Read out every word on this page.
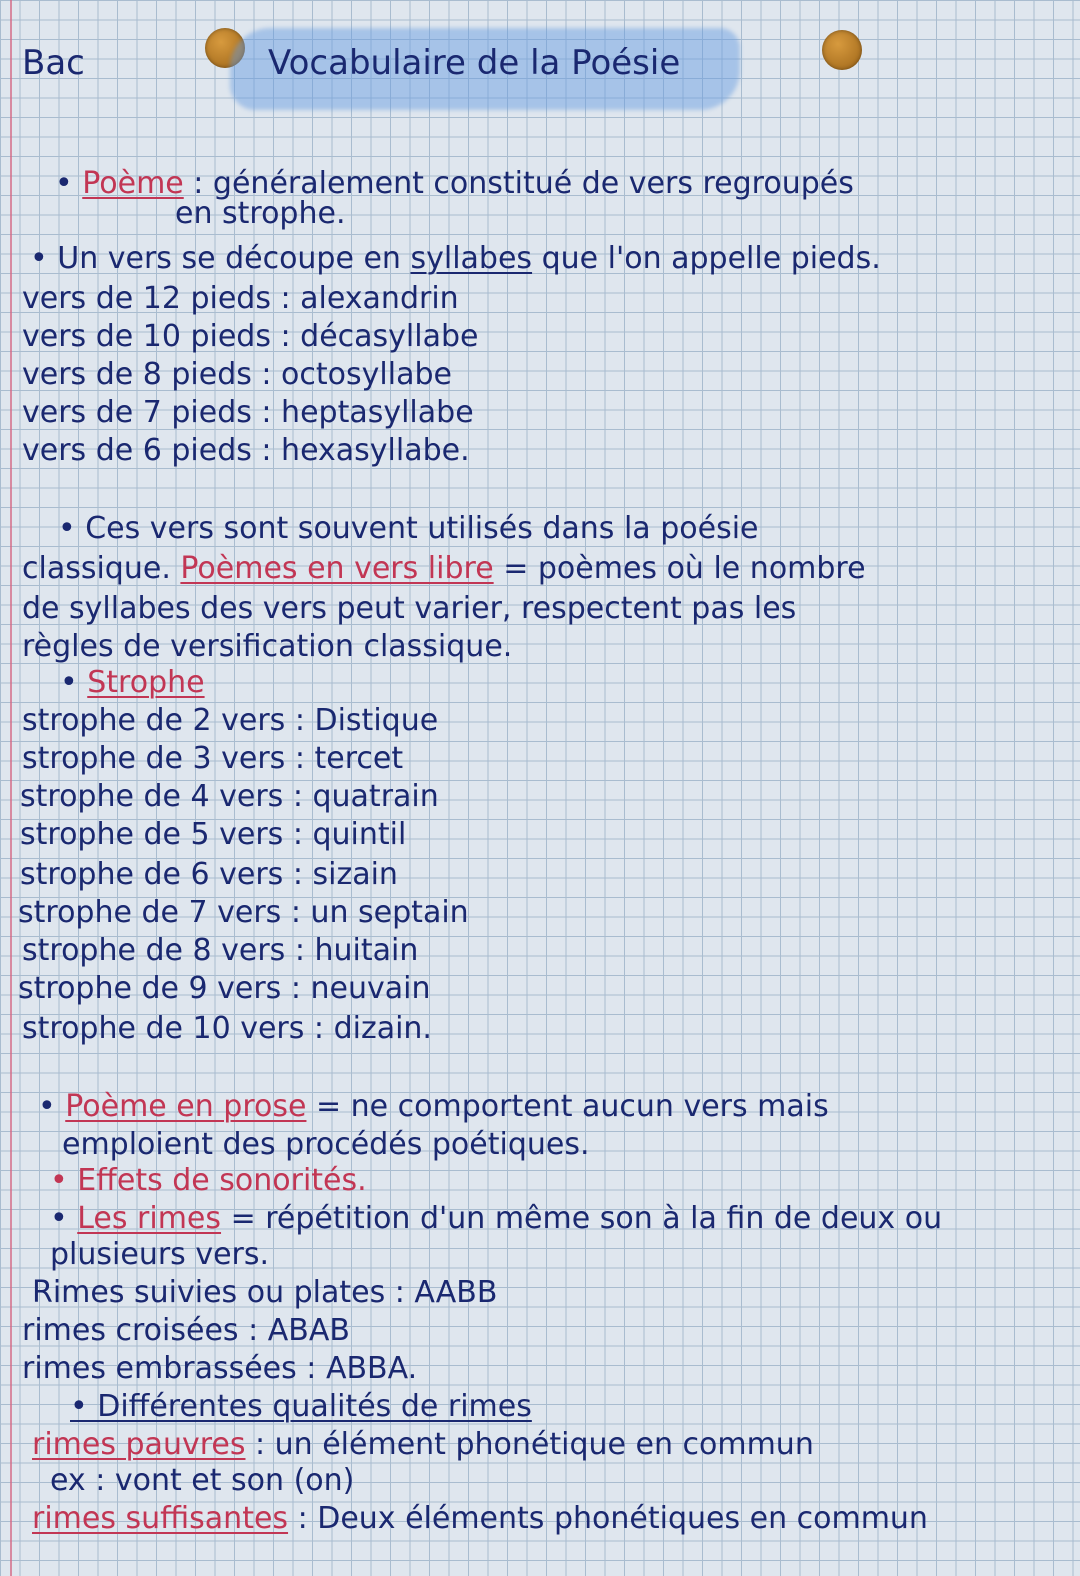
Bac	Vocabulaire de la Poésie
• Poème : généralement constitué de vers regroupés
en strophe.
• Un vers se découpe en syllabes que l'on appelle pieds.
vers de 12 pieds : alexandrin
vers de 10 pieds : décasyllabe
vers de 8 pieds : octosyllabe
vers de 7 pieds : heptasyllabe
vers de 6 pieds : hexasyllabe.
• Ces vers sont souvent utilisés dans la poésie
classique. Poèmes en vers libre = poèmes où le nombre
de syllabes des vers peut varier, respectent pas les
règles de versification classique.
• Strophe
strophe de 2 vers : Distique
strophe de 3 vers : tercet
strophe de 4 vers : quatrain
strophe de 5 vers : quintil
strophe de 6 vers : sizain
strophe de 7 vers : un septain
strophe de 8 vers : huitain
strophe de 9 vers : neuvain
strophe de 10 vers : dizain.
• Poème en prose = ne comportent aucun vers mais
emploient des procédés poétiques.
• Effets de sonorités.
• Les rimes = répétition d'un même son à la fin de deux ou
plusieurs vers.
Rimes suivies ou plates : AABB
rimes croisées : ABAB
rimes embrassées : ABBA.
• Différentes qualités de rimes
rimes pauvres : un élément phonétique en commun
ex : vont et son (on)
rimes suffisantes : Deux éléments phonétiques en commun
